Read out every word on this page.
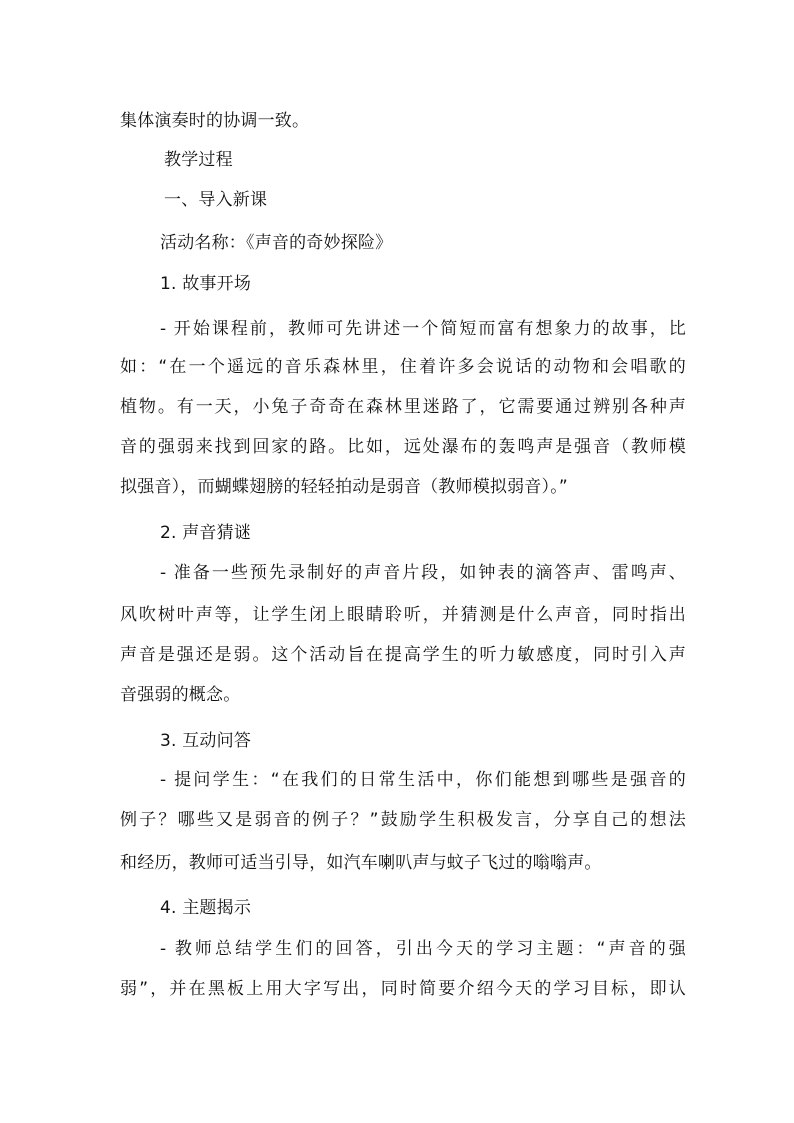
集体演奏时的协调一致。
教学过程
一、导入新课
活动名称：《声音的奇妙探险》
1. 故事开场
- 开始课程前，教师可先讲述一个简短而富有想象力的故事，比
如：“在一个遥远的音乐森林里，住着许多会说话的动物和会唱歌的
植物。有一天，小兔子奇奇在森林里迷路了，它需要通过辨别各种声
音的强弱来找到回家的路。比如，远处瀑布的轰鸣声是强音（教师模
拟强音），而蝴蝶翅膀的轻轻拍动是弱音（教师模拟弱音）。”
2. 声音猜谜
- 准备一些预先录制好的声音片段，如钟表的滴答声、雷鸣声、
风吹树叶声等，让学生闭上眼睛聆听，并猜测是什么声音，同时指出
声音是强还是弱。这个活动旨在提高学生的听力敏感度，同时引入声
音强弱的概念。
3. 互动问答
- 提问学生：“在我们的日常生活中，你们能想到哪些是强音的
例子？哪些又是弱音的例子？”鼓励学生积极发言，分享自己的想法
和经历，教师可适当引导，如汽车喇叭声与蚊子飞过的嗡嗡声。
4. 主题揭示
- 教师总结学生们的回答，引出今天的学习主题：“声音的强
弱”，并在黑板上用大字写出，同时简要介绍今天的学习目标，即认
